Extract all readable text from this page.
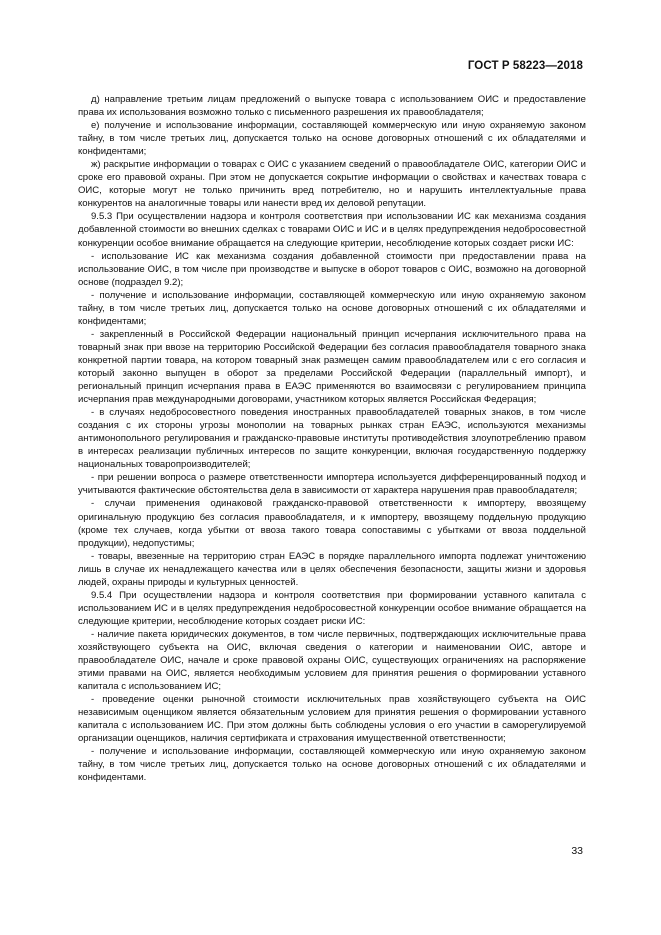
ГОСТ Р 58223—2018

д) направление третьим лицам предложений о выпуске товара с использованием ОИС и предоставление права их использования возможно только с письменного разрешения их правообладателя;

е) получение и использование информации, составляющей коммерческую или иную охраняемую законом тайну, в том числе третьих лиц, допускается только на основе договорных отношений с их обладателями и конфидентами;

ж) раскрытие информации о товарах с ОИС с указанием сведений о правообладателе ОИС, категории ОИС и сроке его правовой охраны. При этом не допускается сокрытие информации о свойствах и качествах товара с ОИС, которые могут не только причинить вред потребителю, но и нарушить интеллектуальные права конкурентов на аналогичные товары или нанести вред их деловой репутации.

9.5.3 При осуществлении надзора и контроля соответствия при использовании ИС как механизма создания добавленной стоимости во внешних сделках с товарами ОИС и ИС и в целях предупреждения недобросовестной конкуренции особое внимание обращается на следующие критерии, несоблюдение которых создает риски ИС:

- использование ИС как механизма создания добавленной стоимости при предоставлении права на использование ОИС, в том числе при производстве и выпуске в оборот товаров с ОИС, возможно на договорной основе (подраздел 9.2);

- получение и использование информации, составляющей коммерческую или иную охраняемую законом тайну, в том числе третьих лиц, допускается только на основе договорных отношений с их обладателями и конфидентами;

- закрепленный в Российской Федерации национальный принцип исчерпания исключительного права на товарный знак при ввозе на территорию Российской Федерации без согласия правообладателя товарного знака конкретной партии товара, на котором товарный знак размещен самим правообладателем или с его согласия и который законно выпущен в оборот за пределами Российской Федерации (параллельный импорт), и региональный принцип исчерпания права в ЕАЭС применяются во взаимосвязи с регулированием принципа исчерпания прав международными договорами, участником которых является Российская Федерация;

- в случаях недобросовестного поведения иностранных правообладателей товарных знаков, в том числе создания с их стороны угрозы монополии на товарных рынках стран ЕАЭС, используются механизмы антимонопольного регулирования и гражданско-правовые институты противодействия злоупотреблению правом в интересах реализации публичных интересов по защите конкуренции, включая государственную поддержку национальных товаропроизводителей;

- при решении вопроса о размере ответственности импортера используется дифференцированный подход и учитываются фактические обстоятельства дела в зависимости от характера нарушения прав правообладателя;

- случаи применения одинаковой гражданско-правовой ответственности к импортеру, ввозящему оригинальную продукцию без согласия правообладателя, и к импортеру, ввозящему поддельную продукцию (кроме тех случаев, когда убытки от ввоза такого товара сопоставимы с убытками от ввоза поддельной продукции), недопустимы;

- товары, ввезенные на территорию стран ЕАЭС в порядке параллельного импорта подлежат уничтожению лишь в случае их ненадлежащего качества или в целях обеспечения безопасности, защиты жизни и здоровья людей, охраны природы и культурных ценностей.

9.5.4 При осуществлении надзора и контроля соответствия при формировании уставного капитала с использованием ИС и в целях предупреждения недобросовестной конкуренции особое внимание обращается на следующие критерии, несоблюдение которых создает риски ИС:

- наличие пакета юридических документов, в том числе первичных, подтверждающих исключительные права хозяйствующего субъекта на ОИС, включая сведения о категории и наименовании ОИС, авторе и правообладателе ОИС, начале и сроке правовой охраны ОИС, существующих ограничениях на распоряжение этими правами на ОИС, является необходимым условием для принятия решения о формировании уставного капитала с использованием ИС;

- проведение оценки рыночной стоимости исключительных прав хозяйствующего субъекта на ОИС независимым оценщиком является обязательным условием для принятия решения о формировании уставного капитала с использованием ИС. При этом должны быть соблюдены условия о его участии в саморегулируемой организации оценщиков, наличия сертификата и страхования имущественной ответственности;

- получение и использование информации, составляющей коммерческую или иную охраняемую законом тайну, в том числе третьих лиц, допускается только на основе договорных отношений с их обладателями и конфидентами.

33
